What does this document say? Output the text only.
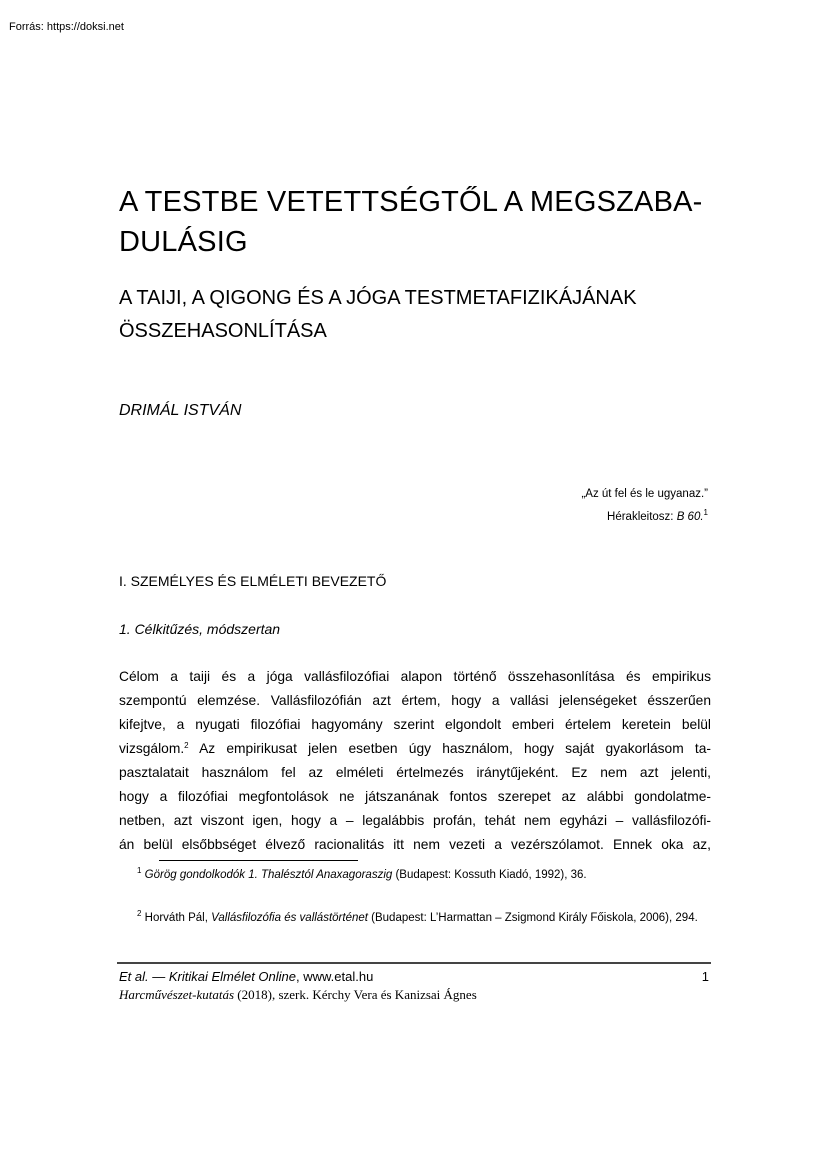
Forrás: https://doksi.net
A TESTBE VETETTSÉGTŐL A MEGSZABA-
DULÁSIG
A TAIJI, A QIGONG ÉS A JÓGA TESTMETAFIZIKÁJÁNAK
ÖSSZEHASONLÍTÁSA
DRIMÁL ISTVÁN
„Az út fel és le ugyanaz.”
Hérakleitosz: B 60.$^1$
I. SZEMÉLYES ÉS ELMÉLETI BEVEZETŐ
1. Célkitűzés, módszertan
Célom a taiji és a jóga vallásfilozófiai alapon történő összehasonlítása és empirikus
szempontú elemzése. Vallásfilozófián azt értem, hogy a vallási jelenségeket ésszerűen
kifejtve, a nyugati filozófiai hagyomány szerint elgondolt emberi értelem keretein belül
vizsgálom.$^2$ Az empirikusat jelen esetben úgy használom, hogy saját gyakorlásom ta-
pasztalatait használom fel az elméleti értelmezés iránytűjeként. Ez nem azt jelenti,
hogy a filozófiai megfontolások ne játszanának fontos szerepet az alábbi gondolatme-
netben, azt viszont igen, hogy a – legalábbis profán, tehát nem egyházi – vallásfilozófi-
án belül elsőbbséget élvező racionalitás itt nem vezeti a vezérszólamot. Ennek oka az,
$^1$ Görög gondolkodók 1. Thalésztól Anaxagoraszig (Budapest: Kossuth Kiadó, 1992), 36.
$^2$ Horváth Pál, Vallásfilozófia és vallástörténet (Budapest: L’Harmattan – Zsigmond Király Főiskola, 2006), 294.
Et al. — Kritikai Elmélet Online, www.etal.hu	1
Harcművészet-kutatás (2018), szerk. Kérchy Vera és Kanizsai Ágnes
